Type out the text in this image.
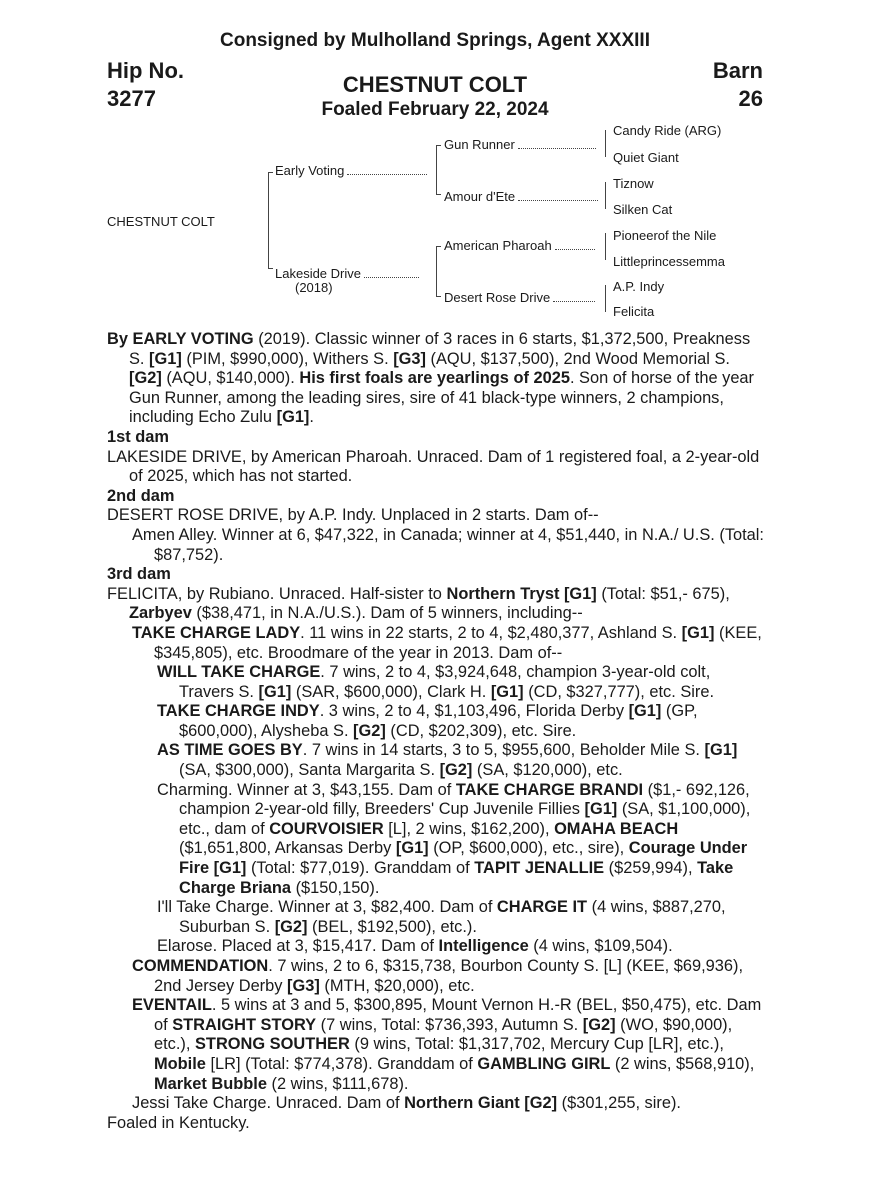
Consigned by Mulholland Springs, Agent XXXIII
Hip No.
3277
Barn
26
CHESTNUT COLT
Foaled February 22, 2024
CHESTNUT COLT
Early Voting
Lakeside Drive
(2018)
Gun Runner
Amour d'Ete
American Pharoah
Desert Rose Drive
Candy Ride (ARG)
Quiet Giant
Tiznow
Silken Cat
Pioneerof the Nile
Littleprincessemma
A.P. Indy
Felicita
By EARLY VOTING (2019). Classic winner of 3 races in 6 starts, $1,372,500, Preakness S. [G1] (PIM, $990,000), Withers S. [G3] (AQU, $137,500), 2nd Wood Memorial S. [G2] (AQU, $140,000). His first foals are yearlings of 2025. Son of horse of the year Gun Runner, among the leading sires, sire of 41 black-type winners, 2 champions, including Echo Zulu [G1].
1st dam
LAKESIDE DRIVE, by American Pharoah. Unraced. Dam of 1 registered foal, a 2-year-old of 2025, which has not started.
2nd dam
DESERT ROSE DRIVE, by A.P. Indy. Unplaced in 2 starts. Dam of--
Amen Alley. Winner at 6, $47,322, in Canada; winner at 4, $51,440, in N.A./ U.S. (Total: $87,752).
3rd dam
FELICITA, by Rubiano. Unraced. Half-sister to Northern Tryst [G1] (Total: $51,- 675), Zarbyev ($38,471, in N.A./U.S.). Dam of 5 winners, including--
TAKE CHARGE LADY. 11 wins in 22 starts, 2 to 4, $2,480,377, Ashland S. [G1] (KEE, $345,805), etc. Broodmare of the year in 2013. Dam of--
WILL TAKE CHARGE. 7 wins, 2 to 4, $3,924,648, champion 3-year-old colt, Travers S. [G1] (SAR, $600,000), Clark H. [G1] (CD, $327,777), etc. Sire.
TAKE CHARGE INDY. 3 wins, 2 to 4, $1,103,496, Florida Derby [G1] (GP, $600,000), Alysheba S. [G2] (CD, $202,309), etc. Sire.
AS TIME GOES BY. 7 wins in 14 starts, 3 to 5, $955,600, Beholder Mile S. [G1] (SA, $300,000), Santa Margarita S. [G2] (SA, $120,000), etc.
Charming. Winner at 3, $43,155. Dam of TAKE CHARGE BRANDI ($1,- 692,126, champion 2-year-old filly, Breeders' Cup Juvenile Fillies [G1] (SA, $1,100,000), etc., dam of COURVOISIER [L], 2 wins, $162,200), OMAHA BEACH ($1,651,800, Arkansas Derby [G1] (OP, $600,000), etc., sire), Courage Under Fire [G1] (Total: $77,019). Granddam of TAPIT JENALLIE ($259,994), Take Charge Briana ($150,150).
I'll Take Charge. Winner at 3, $82,400. Dam of CHARGE IT (4 wins, $887,270, Suburban S. [G2] (BEL, $192,500), etc.).
Elarose. Placed at 3, $15,417. Dam of Intelligence (4 wins, $109,504).
COMMENDATION. 7 wins, 2 to 6, $315,738, Bourbon County S. [L] (KEE, $69,936), 2nd Jersey Derby [G3] (MTH, $20,000), etc.
EVENTAIL. 5 wins at 3 and 5, $300,895, Mount Vernon H.-R (BEL, $50,475), etc. Dam of STRAIGHT STORY (7 wins, Total: $736,393, Autumn S. [G2] (WO, $90,000), etc.), STRONG SOUTHER (9 wins, Total: $1,317,702, Mercury Cup [LR], etc.), Mobile [LR] (Total: $774,378). Granddam of GAMBLING GIRL (2 wins, $568,910), Market Bubble (2 wins, $111,678).
Jessi Take Charge. Unraced. Dam of Northern Giant [G2] ($301,255, sire).
Foaled in Kentucky.
